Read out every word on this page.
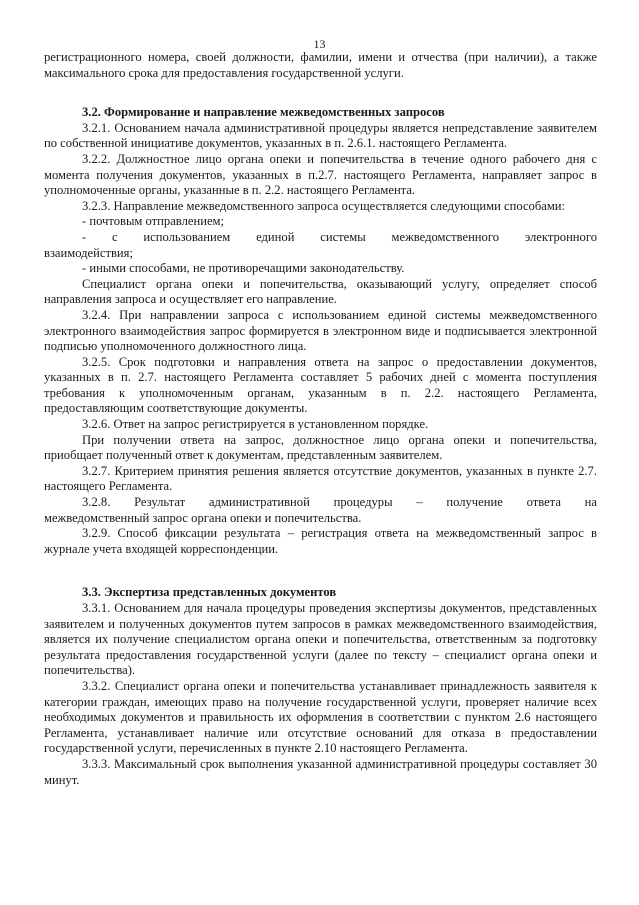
13

регистрационного номера, своей должности, фамилии, имени и отчества (при наличии), а также максимального срока для предоставления государственной услуги.

3.2. Формирование и направление межведомственных запросов

3.2.1. Основанием начала административной процедуры является непредставление заявителем по собственной инициативе документов, указанных в п. 2.6.1. настоящего Регламента.

3.2.2. Должностное лицо органа опеки и попечительства в течение одного рабочего дня с момента получения документов, указанных в п.2.7. настоящего Регламента, направляет запрос в уполномоченные органы, указанные в п. 2.2. настоящего Регламента.

3.2.3. Направление межведомственного запроса осуществляется следующими способами:

- почтовым отправлением;

- с использованием единой системы межведомственного электронного

взаимодействия;

- иными способами, не противоречащими законодательству.

Специалист органа опеки и попечительства, оказывающий услугу, определяет способ направления запроса и осуществляет его направление.

3.2.4. При направлении запроса с использованием единой системы межведомственного электронного взаимодействия запрос формируется в электронном виде и подписывается электронной подписью уполномоченного должностного лица.

3.2.5. Срок подготовки и направления ответа на запрос о предоставлении документов, указанных в п. 2.7. настоящего Регламента составляет 5 рабочих дней с момента поступления требования к уполномоченным органам, указанным в п. 2.2. настоящего Регламента, предоставляющим соответствующие документы.

3.2.6. Ответ на запрос регистрируется в установленном порядке.

При получении ответа на запрос, должностное лицо органа опеки и попечительства, приобщает полученный ответ к документам, представленным заявителем.

3.2.7. Критерием принятия решения является отсутствие документов, указанных в пункте 2.7. настоящего Регламента.

3.2.8. Результат административной процедуры – получение ответа на

межведомственный запрос органа опеки и попечительства.

3.2.9. Способ фиксации результата – регистрация ответа на межведомственный запрос в журнале учета входящей корреспонденции.

3.3. Экспертиза представленных документов

3.3.1. Основанием для начала процедуры проведения экспертизы документов, представленных заявителем и полученных документов путем запросов в рамках межведомственного взаимодействия, является их получение специалистом органа опеки и попечительства, ответственным за подготовку результата предоставления государственной услуги (далее по тексту – специалист органа опеки и попечительства).

3.3.2. Специалист органа опеки и попечительства устанавливает принадлежность заявителя к категории граждан, имеющих право на получение государственной услуги, проверяет наличие всех необходимых документов и правильность их оформления в соответствии с пунктом 2.6 настоящего Регламента, устанавливает наличие или отсутствие оснований для отказа в предоставлении государственной услуги, перечисленных в пункте 2.10 настоящего Регламента.

3.3.3. Максимальный срок выполнения указанной административной процедуры составляет 30 минут.
